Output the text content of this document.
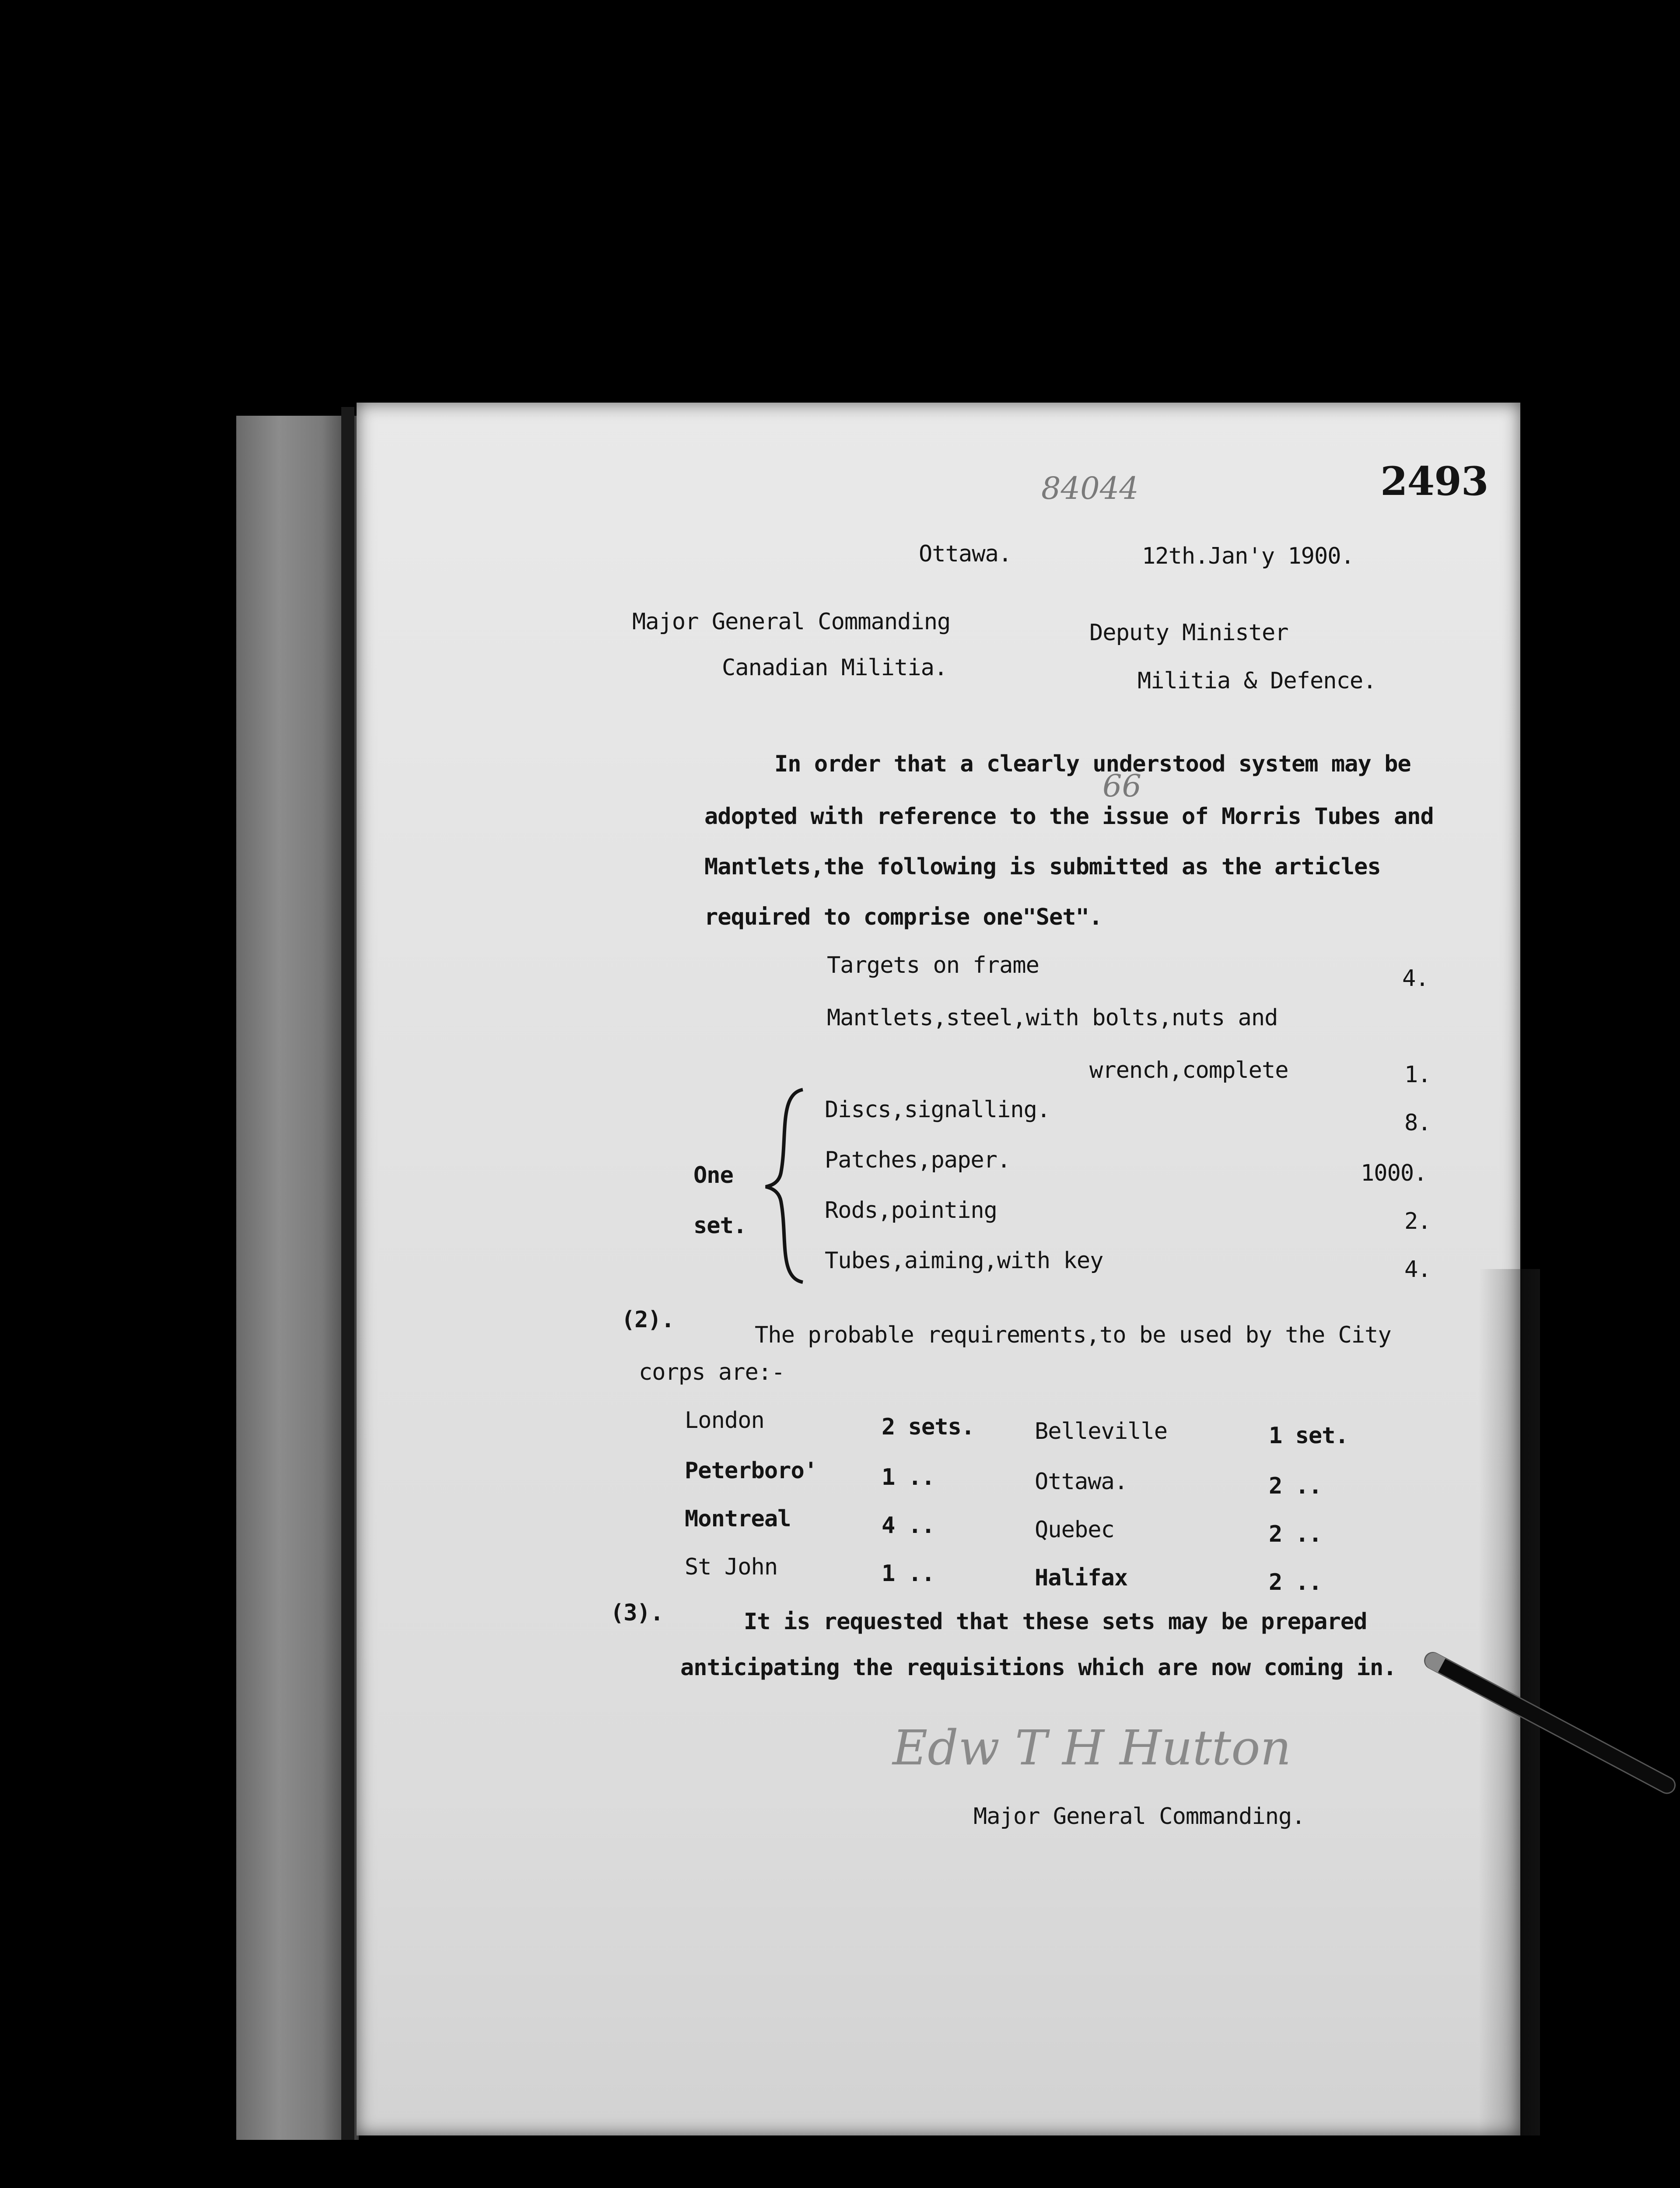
84044	2493
Ottawa.	12th.Jan'y 1900.
Major General Commanding
Canadian Militia.
Deputy Minister
Militia & Defence.
In order that a clearly understood system may be
adopted with reference to the issue of Morris Tubes and
Mantlets,the following is submitted as the articles
required to comprise one"Set".
66
Targets on frame	4.
Mantlets,steel,with bolts,nuts and
wrench,complete	1.
One
set.
Discs,signalling.	8.
Patches,paper.	1000.
Rods,pointing	2.
Tubes,aiming,with key	4.
(2).
The probable requirements,to be used by the City
corps are:-
London	2 sets.	Belleville	1 set.
Peterboro'	1 ..	Ottawa.	2 ..
Montreal	4 ..	Quebec	2 ..
St John	1 ..	Halifax	2 ..
(3).	It is requested that these sets may be prepared
anticipating the requisitions which are now coming in.
Edw T H Hutton
Major General Commanding.
